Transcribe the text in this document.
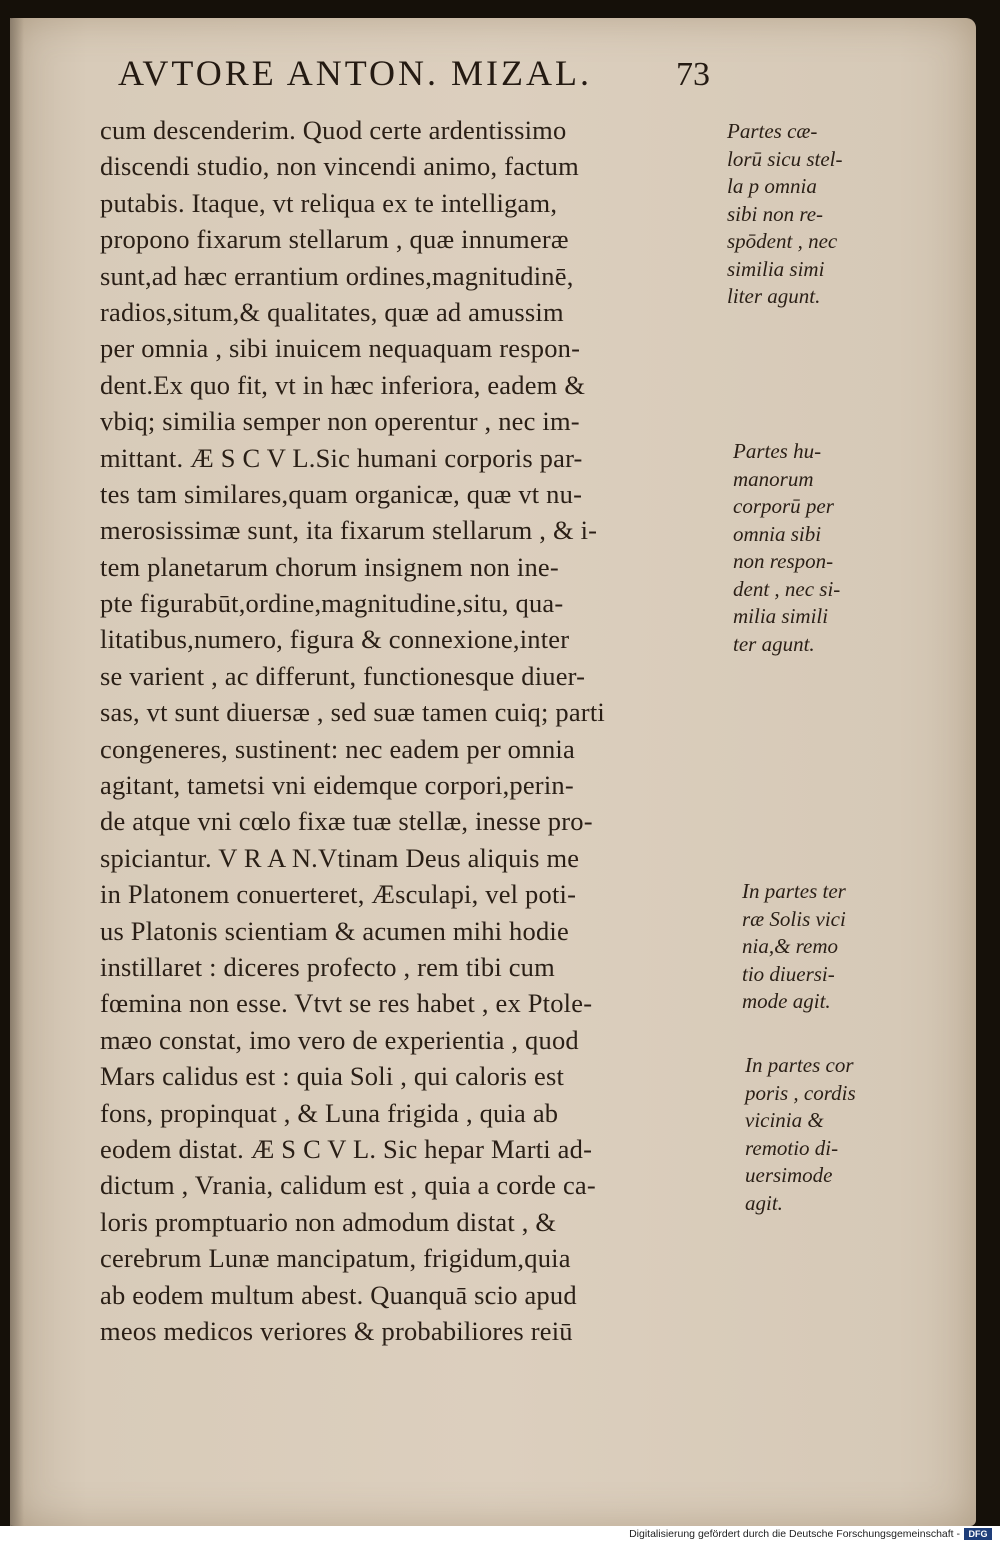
AVTORE ANTON. MIZAL.	73
cum descenderim. Quod certe ardentissimo
discendi studio, non vincendi animo, factum
putabis. Itaque, vt reliqua ex te intelligam,
propono fixarum stellarum , quæ innumeræ
sunt,ad hæc errantium ordines,magnitudinē,
radios,situm,& qualitates, quæ ad amussim
per omnia , sibi inuicem nequaquam respon-
dent.Ex quo fit, vt in hæc inferiora, eadem &
vbiq; similia semper non operentur , nec im-
mittant. Æ S C V L.Sic humani corporis par-
tes tam similares,quam organicæ, quæ vt nu-
merosissimæ sunt, ita fixarum stellarum , & i-
tem planetarum chorum insignem non ine-
pte figurabūt,ordine,magnitudine,situ, qua-
litatibus,numero, figura & connexione,inter
se varient , ac differunt, functionesque diuer-
sas, vt sunt diuersæ , sed suæ tamen cuiq; parti
congeneres, sustinent: nec eadem per omnia
agitant, tametsi vni eidemque corpori,perin-
de atque vni cœlo fixæ tuæ stellæ, inesse pro-
spiciantur. V R A N.Vtinam Deus aliquis me
in Platonem conuerteret, Æsculapi, vel poti-
us Platonis scientiam & acumen mihi hodie
instillaret : diceres profecto , rem tibi cum
fœmina non esse. Vtvt se res habet , ex Ptole-
mæo constat, imo vero de experientia , quod
Mars calidus est : quia Soli , qui caloris est
fons, propinquat , & Luna frigida , quia ab
eodem distat. Æ S C V L. Sic hepar Marti ad-
dictum , Vrania, calidum est , quia a corde ca-
loris promptuario non admodum distat , &
cerebrum Lunæ mancipatum, frigidum,quia
ab eodem multum abest. Quanquā scio apud
meos medicos veriores & probabiliores reiū
Partes cæ-
lorū sicu stel-
la p omnia
sibi non re-
spōdent , nec
similia simi
liter agunt.
Partes hu-
manorum
corporū per
omnia sibi
non respon-
dent , nec si-
milia simili
ter agunt.
In partes ter
ræ Solis vici
nia,& remo
tio diuersi-
mode agit.
In partes cor
poris , cordis
vicinia &
remotio di-
uersimode
agit.
Digitalisierung gefördert durch die Deutsche Forschungsgemeinschaft - DFG
